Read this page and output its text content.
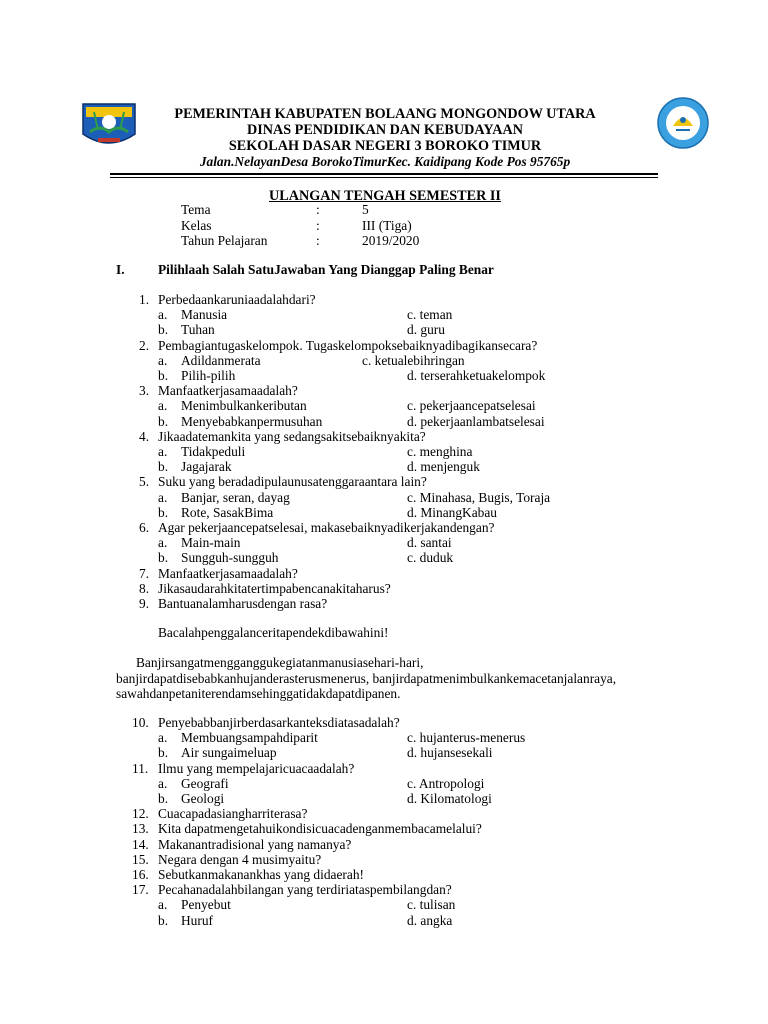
PEMERINTAH KABUPATEN BOLAANG MONGONDOW UTARA
DINAS PENDIDIKAN DAN KEBUDAYAAN
SEKOLAH DASAR NEGERI 3 BOROKO TIMUR
Jalan.NelayanDesa BorokoTimurKec. Kaidipang Kode Pos 95765p
ULANGAN TENGAH SEMESTER II
Tema	:	5
Kelas	:	III (Tiga)
Tahun Pelajaran	:	2019/2020
I. Pilihlaah Salah SatuJawaban Yang Dianggap Paling Benar
1. Perbedaankaruniaadalahdari?
a. Manusia	c. teman
b. Tuhan	d. guru
2. Pembagiantugaskelompok. Tugaskelompoksebaiknyadibagikansecara?
a. Adildanmerata	c. ketualebihringan
b. Pilih-pilih	d. terserahketuakelompok
3. Manfaatkerjasamaadalah?
a. Menimbulkankeributan	c. pekerjaancepatselesai
b. Menyebabkanpermusuhan	d. pekerjaanlambatselesai
4. Jikaadatemankita yang sedangsakitsebaiknyakita?
a. Tidakpeduli	c. menghina
b. Jagajarak	d. menjenguk
5. Suku yang beradadipulaunusatenggaraantara lain?
a. Banjar, seran, dayag	c. Minahasa, Bugis, Toraja
b. Rote, SasakBima	d. MinangKabau
6. Agar pekerjaancepatselesai, makasebaiknyadikerjakandengan?
a. Main-main	d. santai
b. Sungguh-sungguh	c. duduk
7. Manfaatkerjasamaadalah?
8. Jikasaudarahkitatertimpabencanakitaharus?
9. Bantuanalamharusdengan rasa?
Bacalahpenggalanceritapendekdibawahini!
Banjirsangatmengganggukegiatanmanusiasehari-hari,
banjirdapatdisebabkanhujanderasterusmenerus, banjirdapatmenimbulkankemacetanjalanraya,
sawahdanpetaniterendamsehinggatidakdapatdipanen.
10. Penyebabbanjirberdasarkanteksdiatasadalah?
a. Membuangsampahdiparit	c. hujanterus-menerus
b. Air sungaimeluap	d. hujansesekali
11. Ilmu yang mempelajaricuacaadalah?
a. Geografi	c. Antropologi
b. Geologi	d. Kilomatologi
12. Cuacapadasiangharriterasa?
13. Kita dapatmengetahuikondisicuacadenganmembacamelalui?
14. Makanantradisional yang namanya?
15. Negara dengan 4 musimyaitu?
16. Sebutkanmakanankhas yang didaerah!
17. Pecahanadalahbilangan yang terdiriataspembilangdan?
a. Penyebut	c. tulisan
b. Huruf	d. angka
